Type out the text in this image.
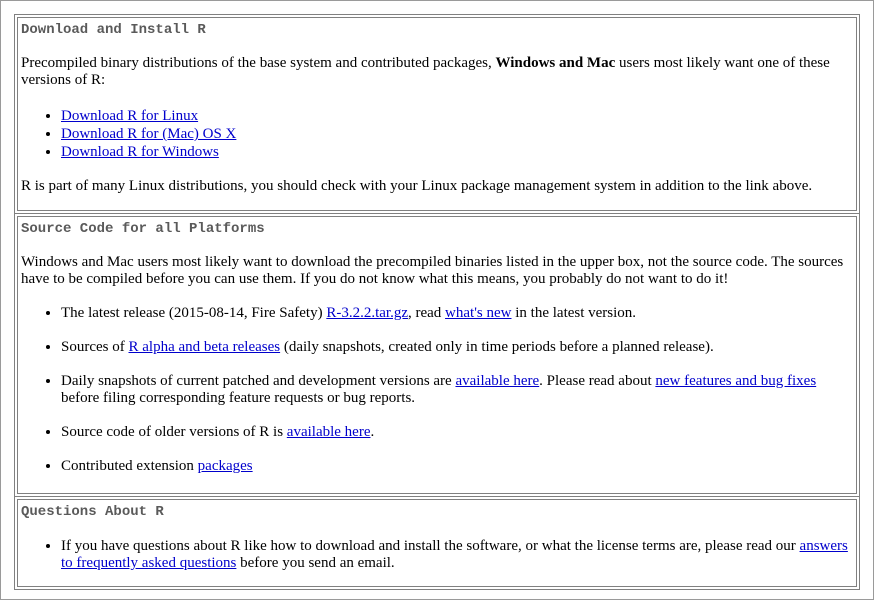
Download and Install R

Precompiled binary distributions of the base system and contributed packages, Windows and Mac users most likely want one of these versions of R:

• Download R for Linux
• Download R for (Mac) OS X
• Download R for Windows

R is part of many Linux distributions, you should check with your Linux package management system in addition to the link above.

Source Code for all Platforms

Windows and Mac users most likely want to download the precompiled binaries listed in the upper box, not the source code. The sources have to be compiled before you can use them. If you do not know what this means, you probably do not want to do it!

• The latest release (2015-08-14, Fire Safety) R-3.2.2.tar.gz, read what's new in the latest version.
• Sources of R alpha and beta releases (daily snapshots, created only in time periods before a planned release).
• Daily snapshots of current patched and development versions are available here. Please read about new features and bug fixes before filing corresponding feature requests or bug reports.
• Source code of older versions of R is available here.
• Contributed extension packages
Questions About R
• If you have questions about R like how to download and install the software, or what the license terms are, please read our answers to frequently asked questions before you send an email.
